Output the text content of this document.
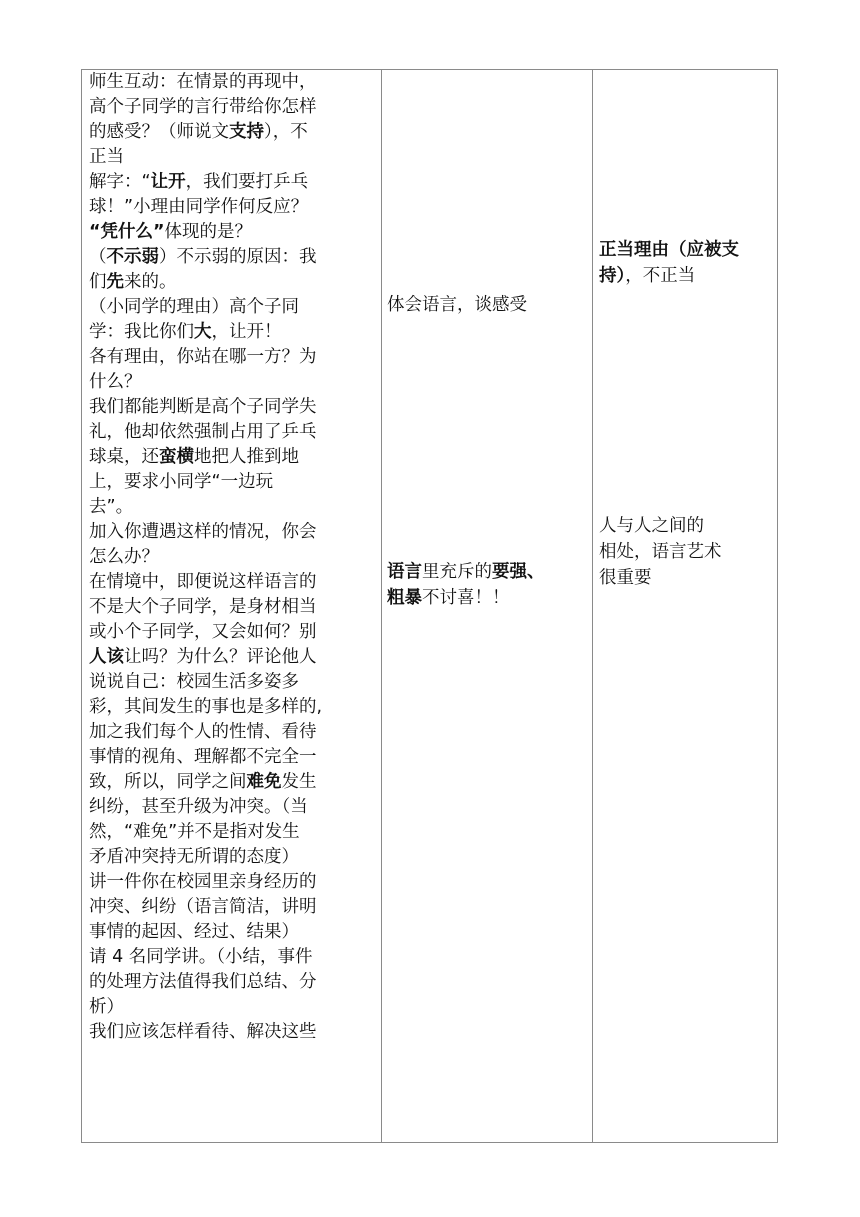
师生互动：在情景的再现中，
高个子同学的言行带给你怎样
的感受？（师说文支持），不
正当
解字：“让开，我们要打乒乓
球！”小理由同学作何反应？
“凭什么”体现的是？
（不示弱）不示弱的原因：我
们先来的。
（小同学的理由）高个子同
学：我比你们大，让开！
各有理由，你站在哪一方？为
什么？
我们都能判断是高个子同学失
礼，他却依然强制占用了乒乓
球桌，还蛮横地把人推到地
上，要求小同学“一边玩
去”。
加入你遭遇这样的情况，你会
怎么办？
在情境中，即便说这样语言的
不是大个子同学，是身材相当
或小个子同学，又会如何？别
人该让吗？为什么？评论他人
说说自己：校园生活多姿多
彩，其间发生的事也是多样的,
加之我们每个人的性情、看待
事情的视角、理解都不完全一
致，所以，同学之间难免发生
纠纷，甚至升级为冲突。（当
然，“难免”并不是指对发生
矛盾冲突持无所谓的态度）
讲一件你在校园里亲身经历的
冲突、纠纷（语言简洁，讲明
事情的起因、经过、结果）
请 4 名同学讲。（小结，事件
的处理方法值得我们总结、分
析）
我们应该怎样看待、解决这些
体会语言，谈感受
语言里充斥的要强、
粗暴不讨喜！！
正当理由（应被支
持），不正当
人与人之间的
相处，语言艺术
很重要
